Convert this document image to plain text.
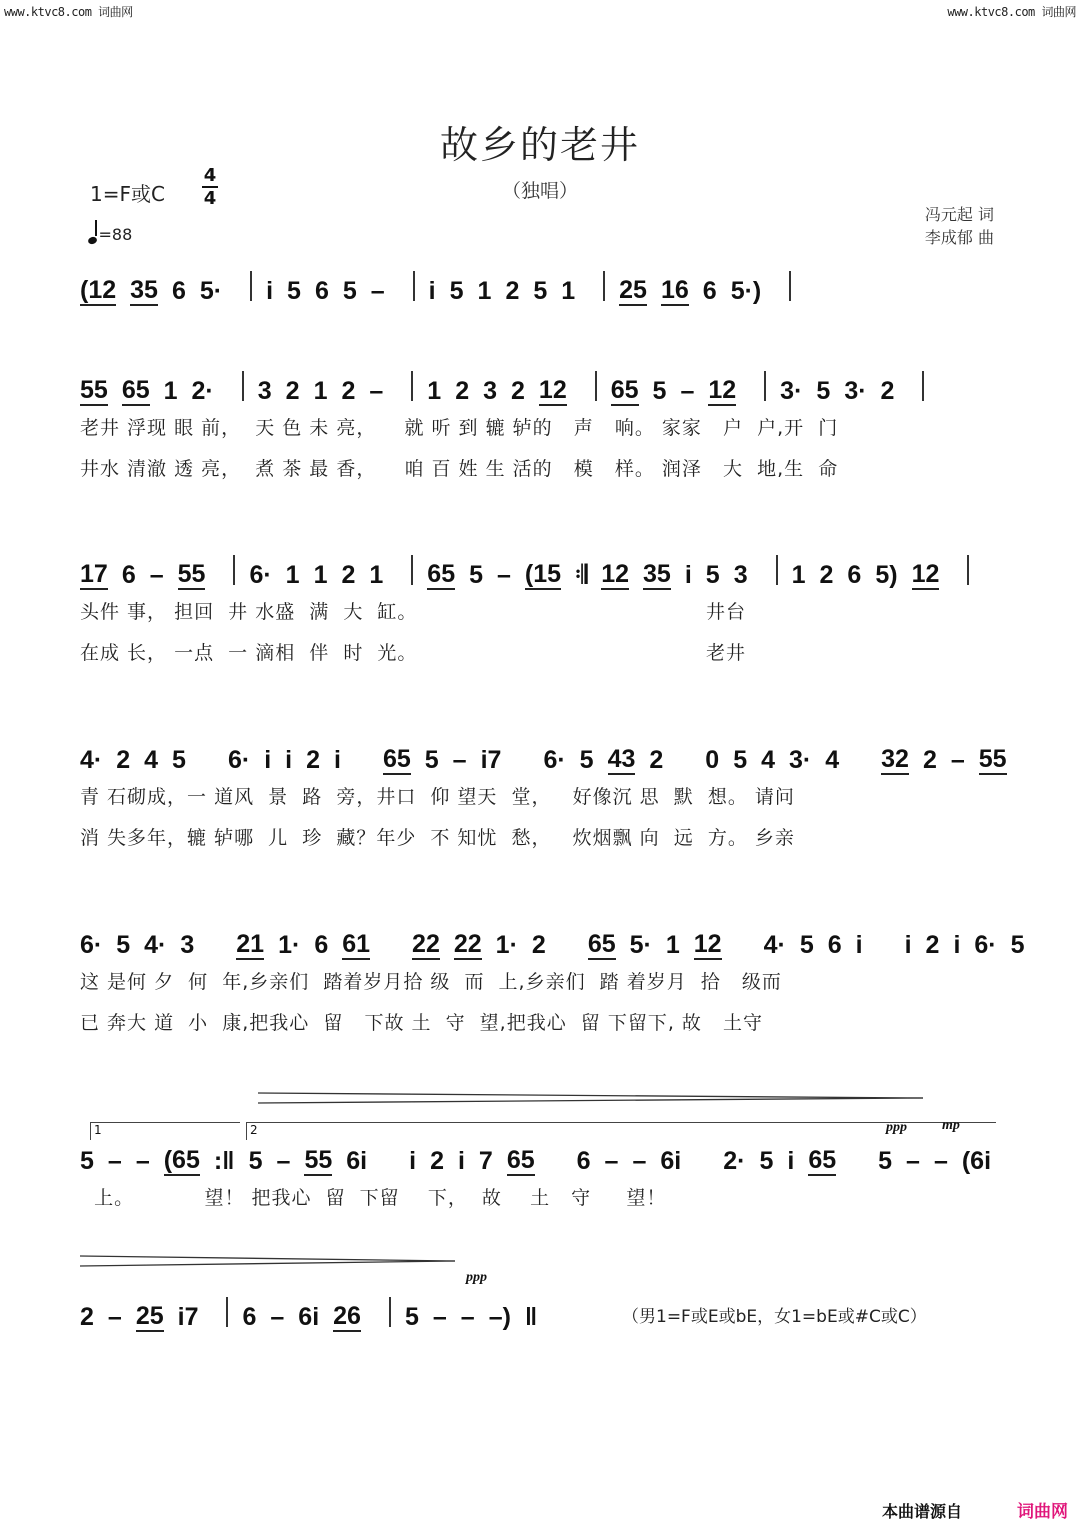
www.ktvc8.com 词曲网	www.ktvc8.com 词曲网
故乡的老井
（独唱）
1=F或C
4
4
=88
冯元起 词
李成郁 曲
(12 35 6 5· i 5 6 5 – i 5 1 2 5 1 25 16 6 5·)
55 65 1 2· 3 2 1 2 – 1 2 3 2 12 65 5 – 12 3· 5 3· 2
老井 浮现 眼 前，  天 色 未 亮，    就 听 到 辘 轳的   声   响。 家家   户  户,开  门
井水 清澈 透 亮，  煮 茶 最 香，    咱 百 姓 生 活的   模   样。 润泽   大  地,生  命
17 6 – 55 6· 1 1 2 1 65 5 – (15 𝄇 12 35 i 5 3 1 2 6 5) 12
头件 事， 担回  井 水盛  满  大  缸。                                         井台
在成 长， 一点  一 滴相  伴  时  光。                                         老井
4· 2 4 5 6· i i 2 i 65 5 – i7 6· 5 43 2 0 5 4 3· 4 32 2 – 55
青 石砌成，一 道风  景  路  旁，井口  仰 望天  堂，   好像沉 思  默  想。 请问
消 失多年，辘 轳哪  儿  珍  藏？年少  不 知忧  愁，   炊烟飘 向  远  方。 乡亲
6· 5 4· 3 21 1· 6 61 22 22 1· 2 65 5· 1 12 4· 5 6 i i 2 i 6· 5
这 是何 夕  何  年,乡亲们  踏着岁月拾 级  而  上,乡亲们  踏 着岁月  拾   级而
已 奔大 道  小  康,把我心  留   下故 土  守  望,把我心  留 下留下, 故   土守
1	2	ppp	mp
5 – – (65 :‖ 5 – 55 6i i 2 i 7 65 6 – – 6i 2· 5 i 65 5 – – (6i
上。          望！ 把我心  留  下留    下，  故    土   守     望！
ppp
2 – 25 i7 6 – 6i 26 5 – – –) ‖	（男1=F或E或bE，女1=bE或#C或C）
本曲谱源自	词曲网
